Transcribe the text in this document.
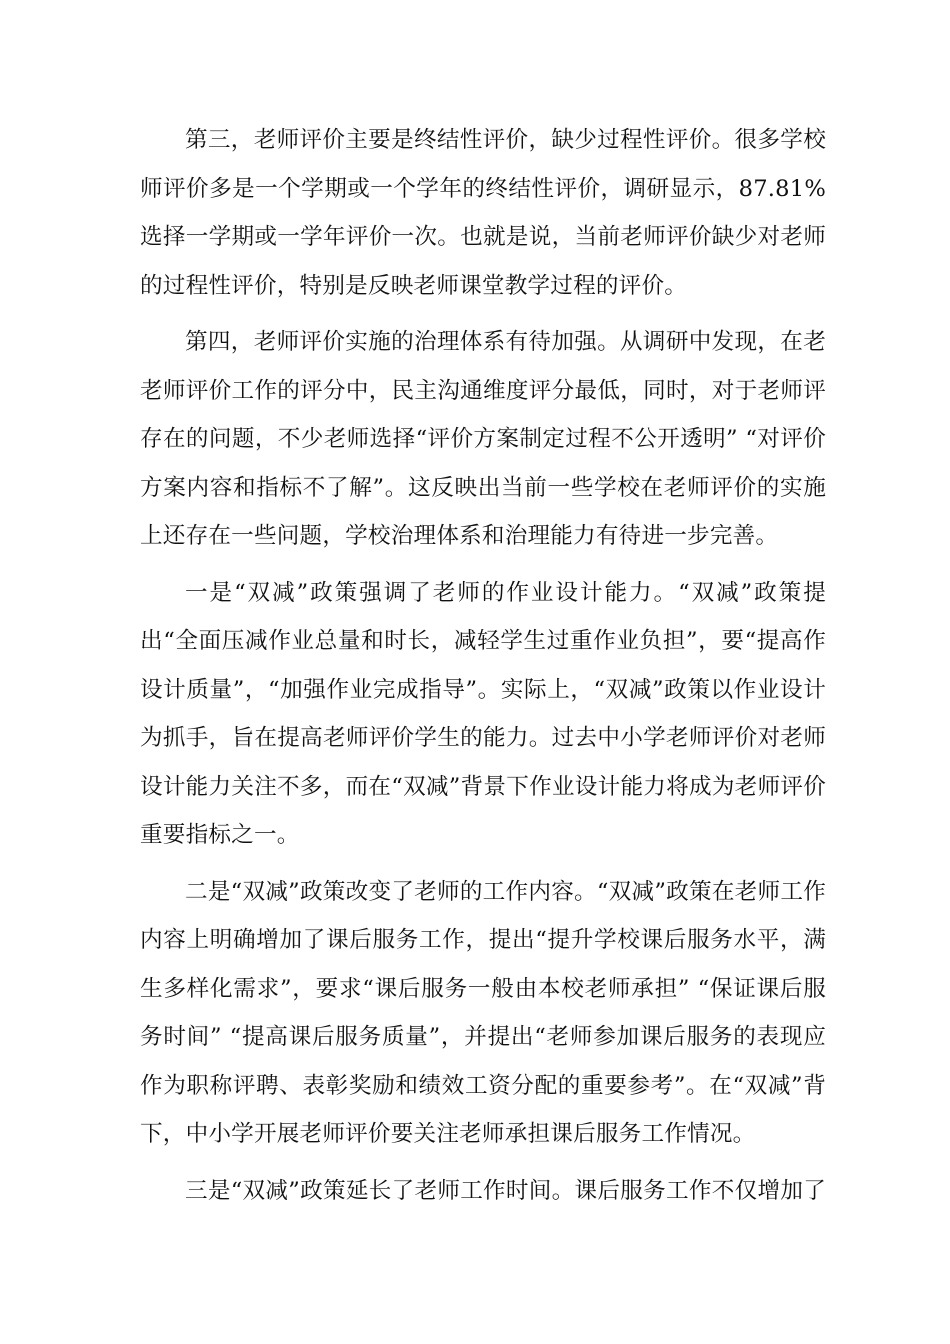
第三，老师评价主要是终结性评价，缺少过程性评价。很多学校
师评价多是一个学期或一个学年的终结性评价，调研显示，87.81%
选择一学期或一学年评价一次。也就是说，当前老师评价缺少对老师
的过程性评价，特别是反映老师课堂教学过程的评价。
第四，老师评价实施的治理体系有待加强。从调研中发现，在老
老师评价工作的评分中，民主沟通维度评分最低，同时，对于老师评
存在的问题，不少老师选择“评价方案制定过程不公开透明” “对评价
方案内容和指标不了解”。这反映出当前一些学校在老师评价的实施
上还存在一些问题，学校治理体系和治理能力有待进一步完善。
一是“双减”政策强调了老师的作业设计能力。“双减”政策提
出“全面压减作业总量和时长，减轻学生过重作业负担”，要“提高作
设计质量”，“加强作业完成指导”。实际上，“双减”政策以作业设计
为抓手，旨在提高老师评价学生的能力。过去中小学老师评价对老师
设计能力关注不多，而在“双减”背景下作业设计能力将成为老师评价
重要指标之一。
二是“双减”政策改变了老师的工作内容。“双减”政策在老师工作
内容上明确增加了课后服务工作，提出“提升学校课后服务水平，满
生多样化需求”，要求“课后服务一般由本校老师承担” “保证课后服
务时间” “提高课后服务质量”，并提出“老师参加课后服务的表现应
作为职称评聘、表彰奖励和绩效工资分配的重要参考”。在“双减”背
下，中小学开展老师评价要关注老师承担课后服务工作情况。
三是“双减”政策延长了老师工作时间。课后服务工作不仅增加了
